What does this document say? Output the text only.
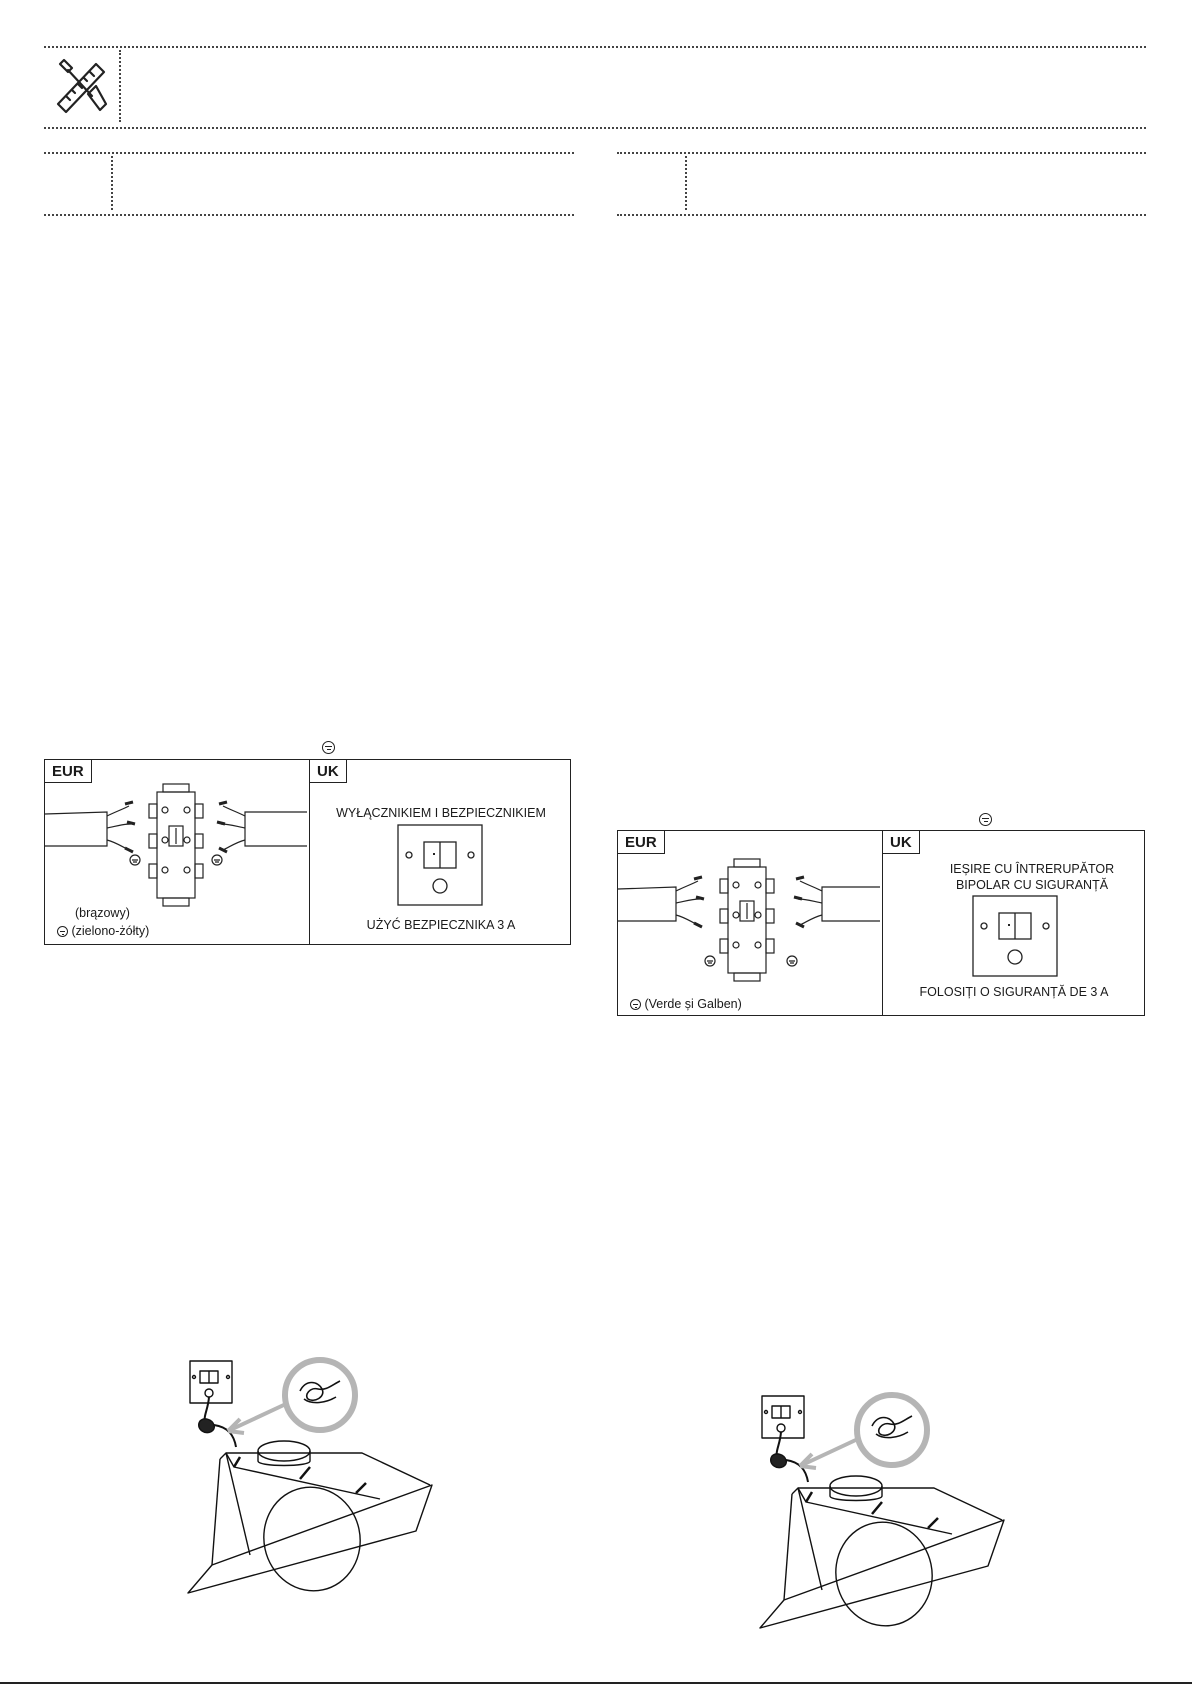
EUR
(brązowy)
(zielono-żółty)
UK
WYŁĄCZNIKIEM I BEZPIECZNIKIEM
UŻYĆ BEZPIECZNIKA 3 A
EUR
(Verde și Galben)
UK
IEȘIRE CU ÎNTRERUPĂTOR
BIPOLAR CU SIGURANȚĂ
FOLOSIȚI O SIGURANȚĂ DE 3 A
